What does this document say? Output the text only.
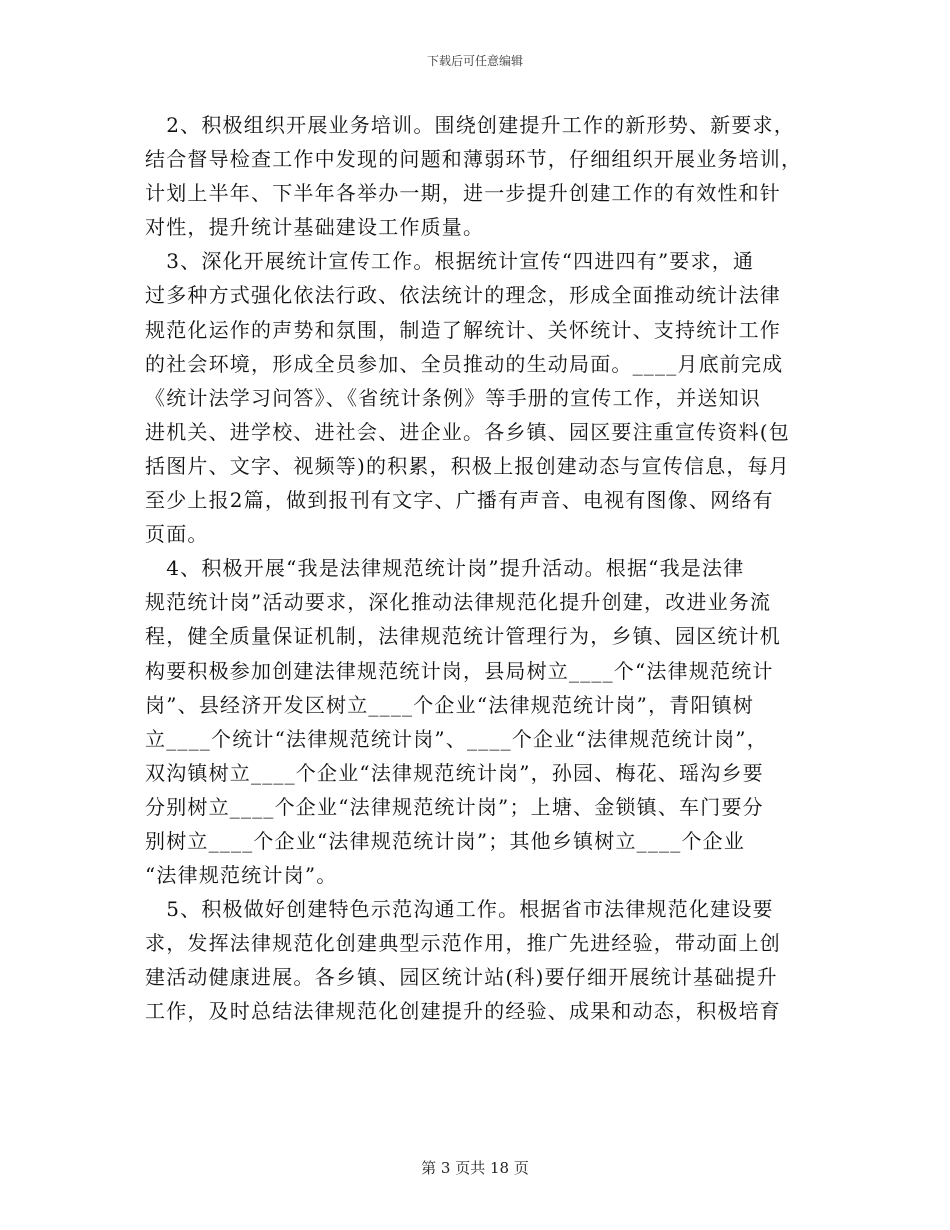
下载后可任意编辑
　2、积极组织开展业务培训。围绕创建提升工作的新形势、新要求，
结合督导检查工作中发现的问题和薄弱环节，仔细组织开展业务培训，
计划上半年、下半年各举办一期，进一步提升创建工作的有效性和针
对性，提升统计基础建设工作质量。
　3、深化开展统计宣传工作。根据统计宣传“四进四有”要求，通
过多种方式强化依法行政、依法统计的理念，形成全面推动统计法律
规范化运作的声势和氛围，制造了解统计、关怀统计、支持统计工作
的社会环境，形成全员参加、全员推动的生动局面。____月底前完成
《统计法学习问答》、《省统计条例》等手册的宣传工作，并送知识
进机关、进学校、进社会、进企业。各乡镇、园区要注重宣传资料(包
括图片、文字、视频等)的积累，积极上报创建动态与宣传信息，每月
至少上报2篇，做到报刊有文字、广播有声音、电视有图像、网络有
页面。
　4、积极开展“我是法律规范统计岗”提升活动。根据“我是法律
规范统计岗”活动要求，深化推动法律规范化提升创建，改进业务流
程，健全质量保证机制，法律规范统计管理行为，乡镇、园区统计机
构要积极参加创建法律规范统计岗，县局树立____个“法律规范统计
岗”、县经济开发区树立____个企业“法律规范统计岗”，青阳镇树
立____个统计“法律规范统计岗”、____个企业“法律规范统计岗”，
双沟镇树立____个企业“法律规范统计岗”，孙园、梅花、瑶沟乡要
分别树立____个企业“法律规范统计岗”；上塘、金锁镇、车门要分
别树立____个企业“法律规范统计岗”；其他乡镇树立____个企业
“法律规范统计岗”。
　5、积极做好创建特色示范沟通工作。根据省市法律规范化建设要
求，发挥法律规范化创建典型示范作用，推广先进经验，带动面上创
建活动健康进展。各乡镇、园区统计站(科)要仔细开展统计基础提升
工作，及时总结法律规范化创建提升的经验、成果和动态，积极培育
第 3 页共 18 页
